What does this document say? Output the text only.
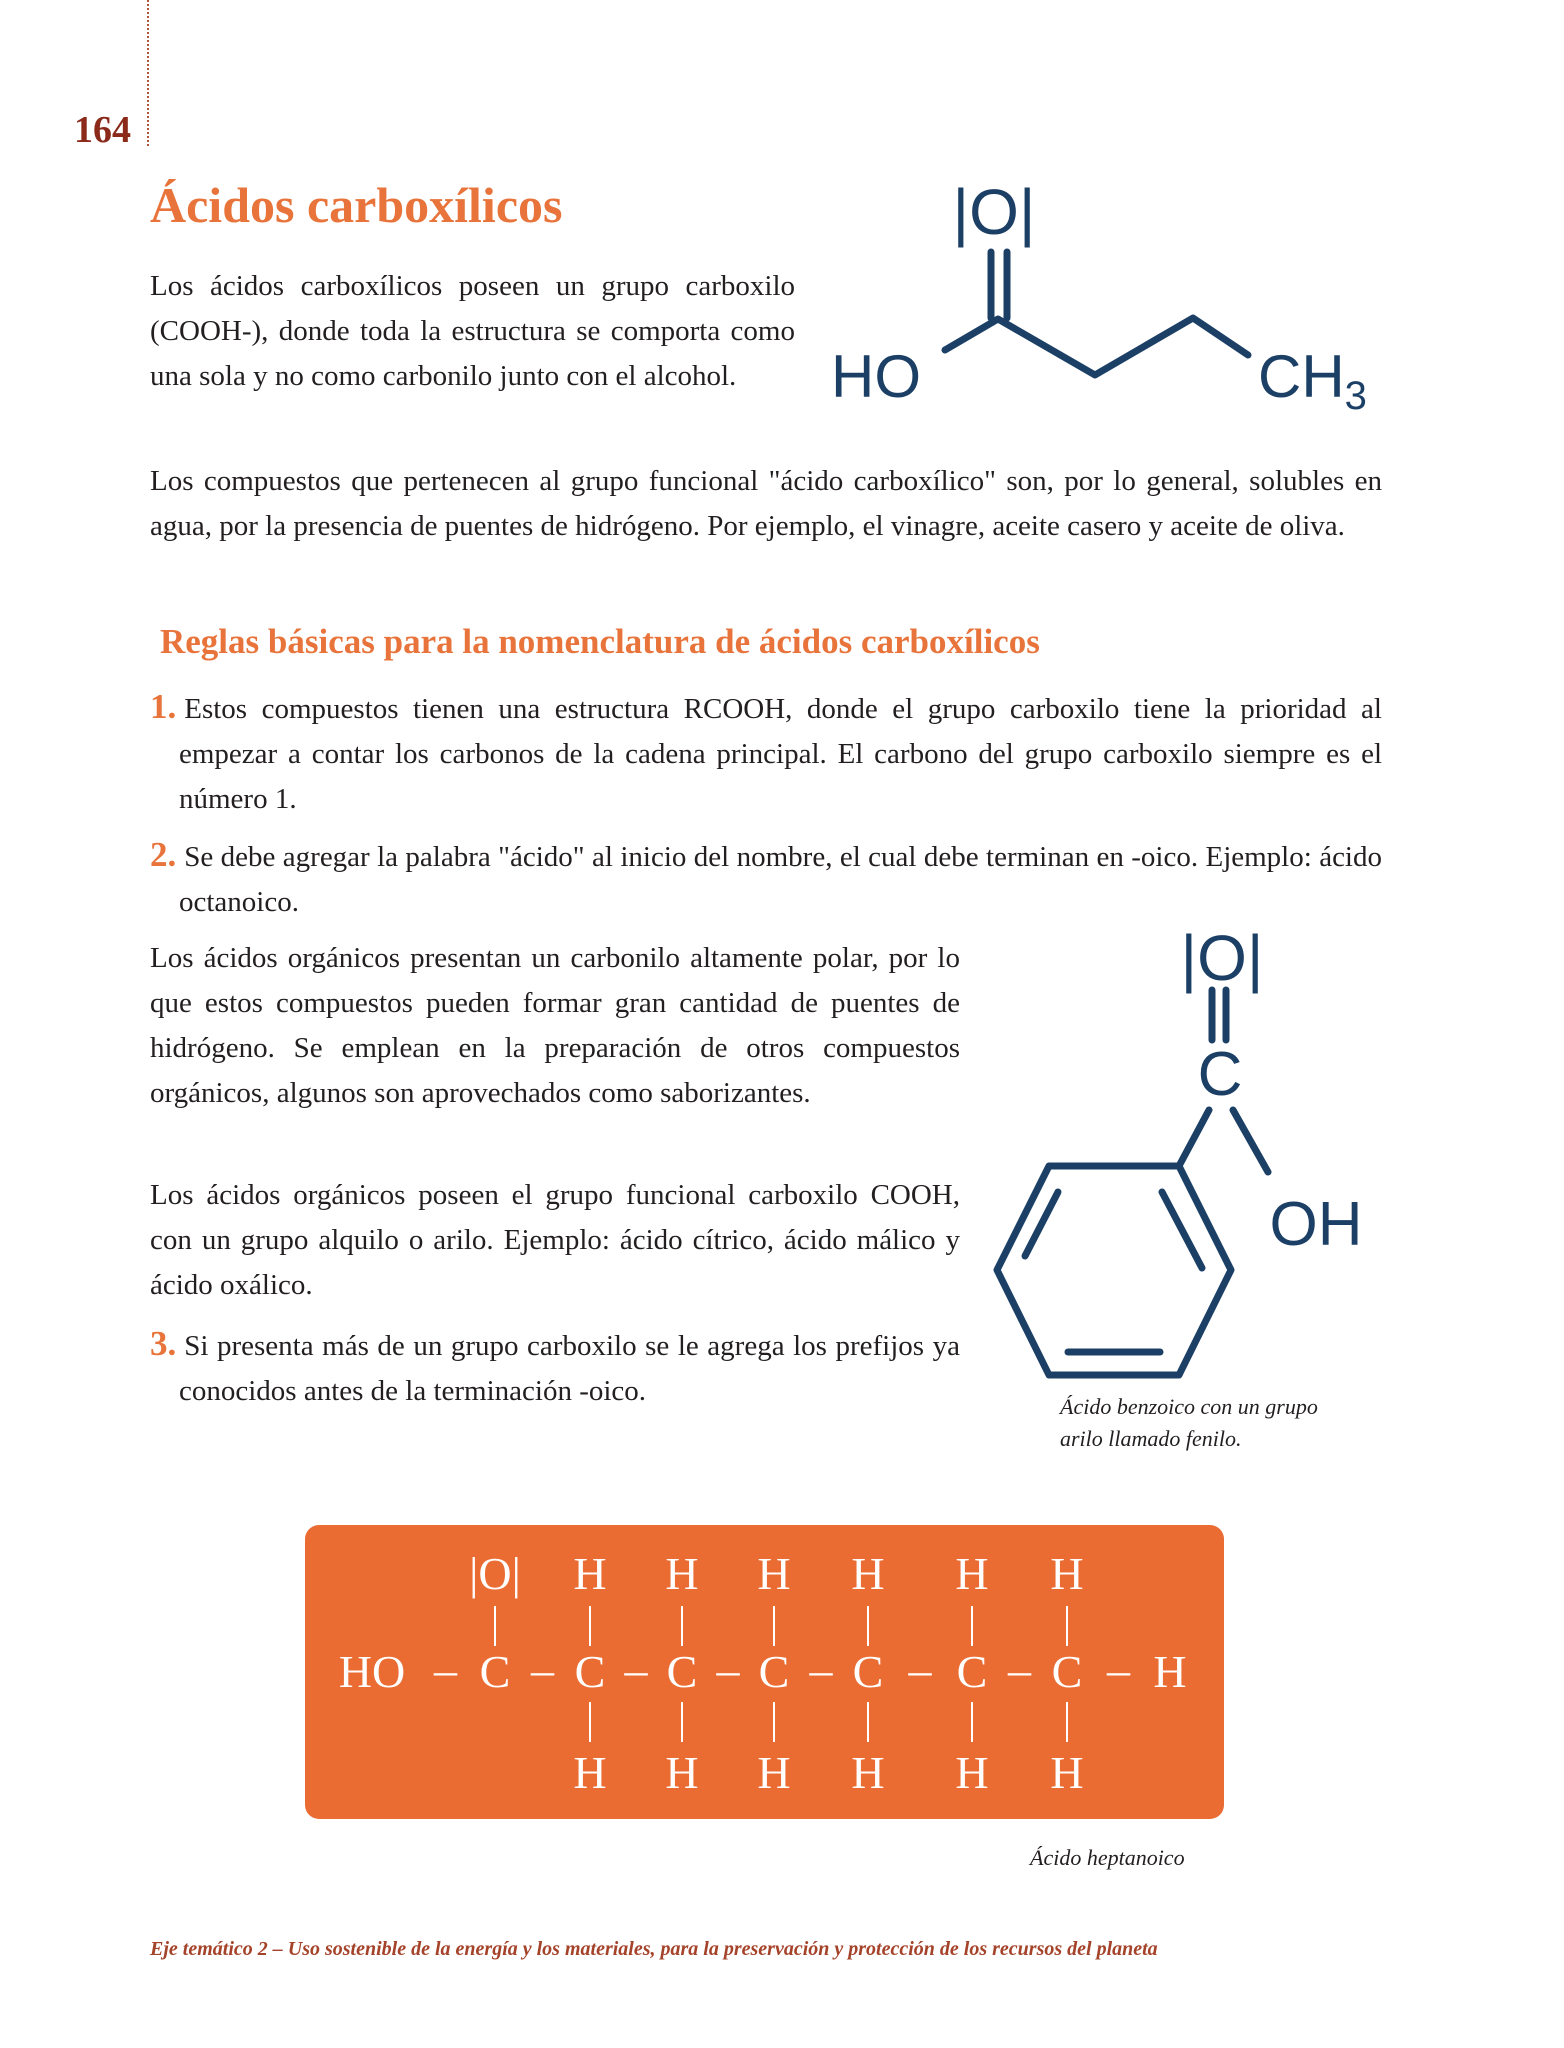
164
Ácidos carboxílicos

Los ácidos carboxílicos poseen un grupo carboxilo (COOH-), donde toda la estructura se comporta como una sola y no como carbonilo junto con el alcohol.

|O|
HO	$CH_3$

Los compuestos que pertenecen al grupo funcional "ácido carboxílico" son, por lo general, solubles en agua, por la presencia de puentes de hidrógeno. Por ejemplo, el vinagre, aceite casero y aceite de oliva.

Reglas básicas para la nomenclatura de ácidos carboxílicos

1. Estos compuestos tienen una estructura RCOOH, donde el grupo carboxilo tiene la prioridad al empezar a contar los carbonos de la cadena principal. El carbono del grupo carboxilo siempre es el número 1.

2. Se debe agregar la palabra "ácido" al inicio del nombre, el cual debe terminan en -oico. Ejemplo: ácido octanoico.

Los ácidos orgánicos presentan un carbonilo altamente polar, por lo que estos compuestos pueden formar gran cantidad de puentes de hidrógeno. Se emplean en la preparación de otros compuestos orgánicos, algunos son aprovechados como saborizantes.

Los ácidos orgánicos poseen el grupo funcional carboxilo COOH, con un grupo alquilo o arilo. Ejemplo: ácido cítrico, ácido málico y ácido oxálico.

3. Si presenta más de un grupo carboxilo se le agrega los prefijos ya conocidos antes de la terminación -oico.

|O|
C
OH
Ácido benzoico con un grupo
arilo llamado fenilo.
HO C
|O|
C
H
H
C
H
H
C
H
H
C
H
H
C
H
H
C
H
H
H
– – – – – – – –
Ácido heptanoico
Eje temático 2 – Uso sostenible de la energía y los materiales, para la preservación y protección de los recursos del planeta
